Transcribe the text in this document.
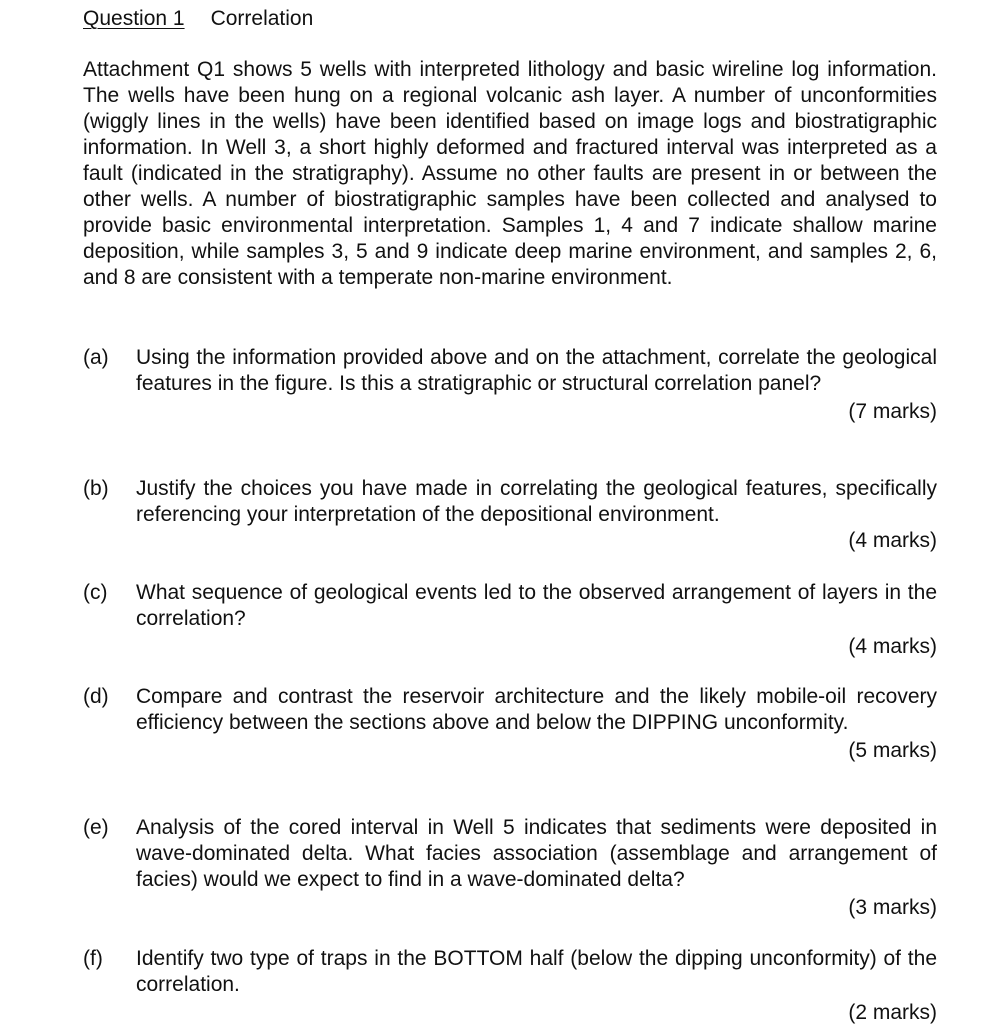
Question 1 Correlation

Attachment Q1 shows 5 wells with interpreted lithology and basic wireline log information. The wells have been hung on a regional volcanic ash layer. A number of unconformities (wiggly lines in the wells) have been identified based on image logs and biostratigraphic information. In Well 3, a short highly deformed and fractured interval was interpreted as a fault (indicated in the stratigraphy). Assume no other faults are present in or between the other wells. A number of biostratigraphic samples have been collected and analysed to provide basic environmental interpretation. Samples 1, 4 and 7 indicate shallow marine deposition, while samples 3, 5 and 9 indicate deep marine environment, and samples 2, 6, and 8 are consistent with a temperate non-marine environment.

(a) Using the information provided above and on the attachment, correlate the geological features in the figure. Is this a stratigraphic or structural correlation panel?

(7 marks)
(b) Justify the choices you have made in correlating the geological features, specifically referencing your interpretation of the depositional environment.

(4 marks)
(c) What sequence of geological events led to the observed arrangement of layers in the correlation?

(4 marks)
(d) Compare and contrast the reservoir architecture and the likely mobile-oil recovery efficiency between the sections above and below the DIPPING unconformity.

(5 marks)
(e) Analysis of the cored interval in Well 5 indicates that sediments were deposited in wave-dominated delta. What facies association (assemblage and arrangement of facies) would we expect to find in a wave-dominated delta?

(3 marks)
(f) Identify two type of traps in the BOTTOM half (below the dipping unconformity) of the correlation.

(2 marks)
